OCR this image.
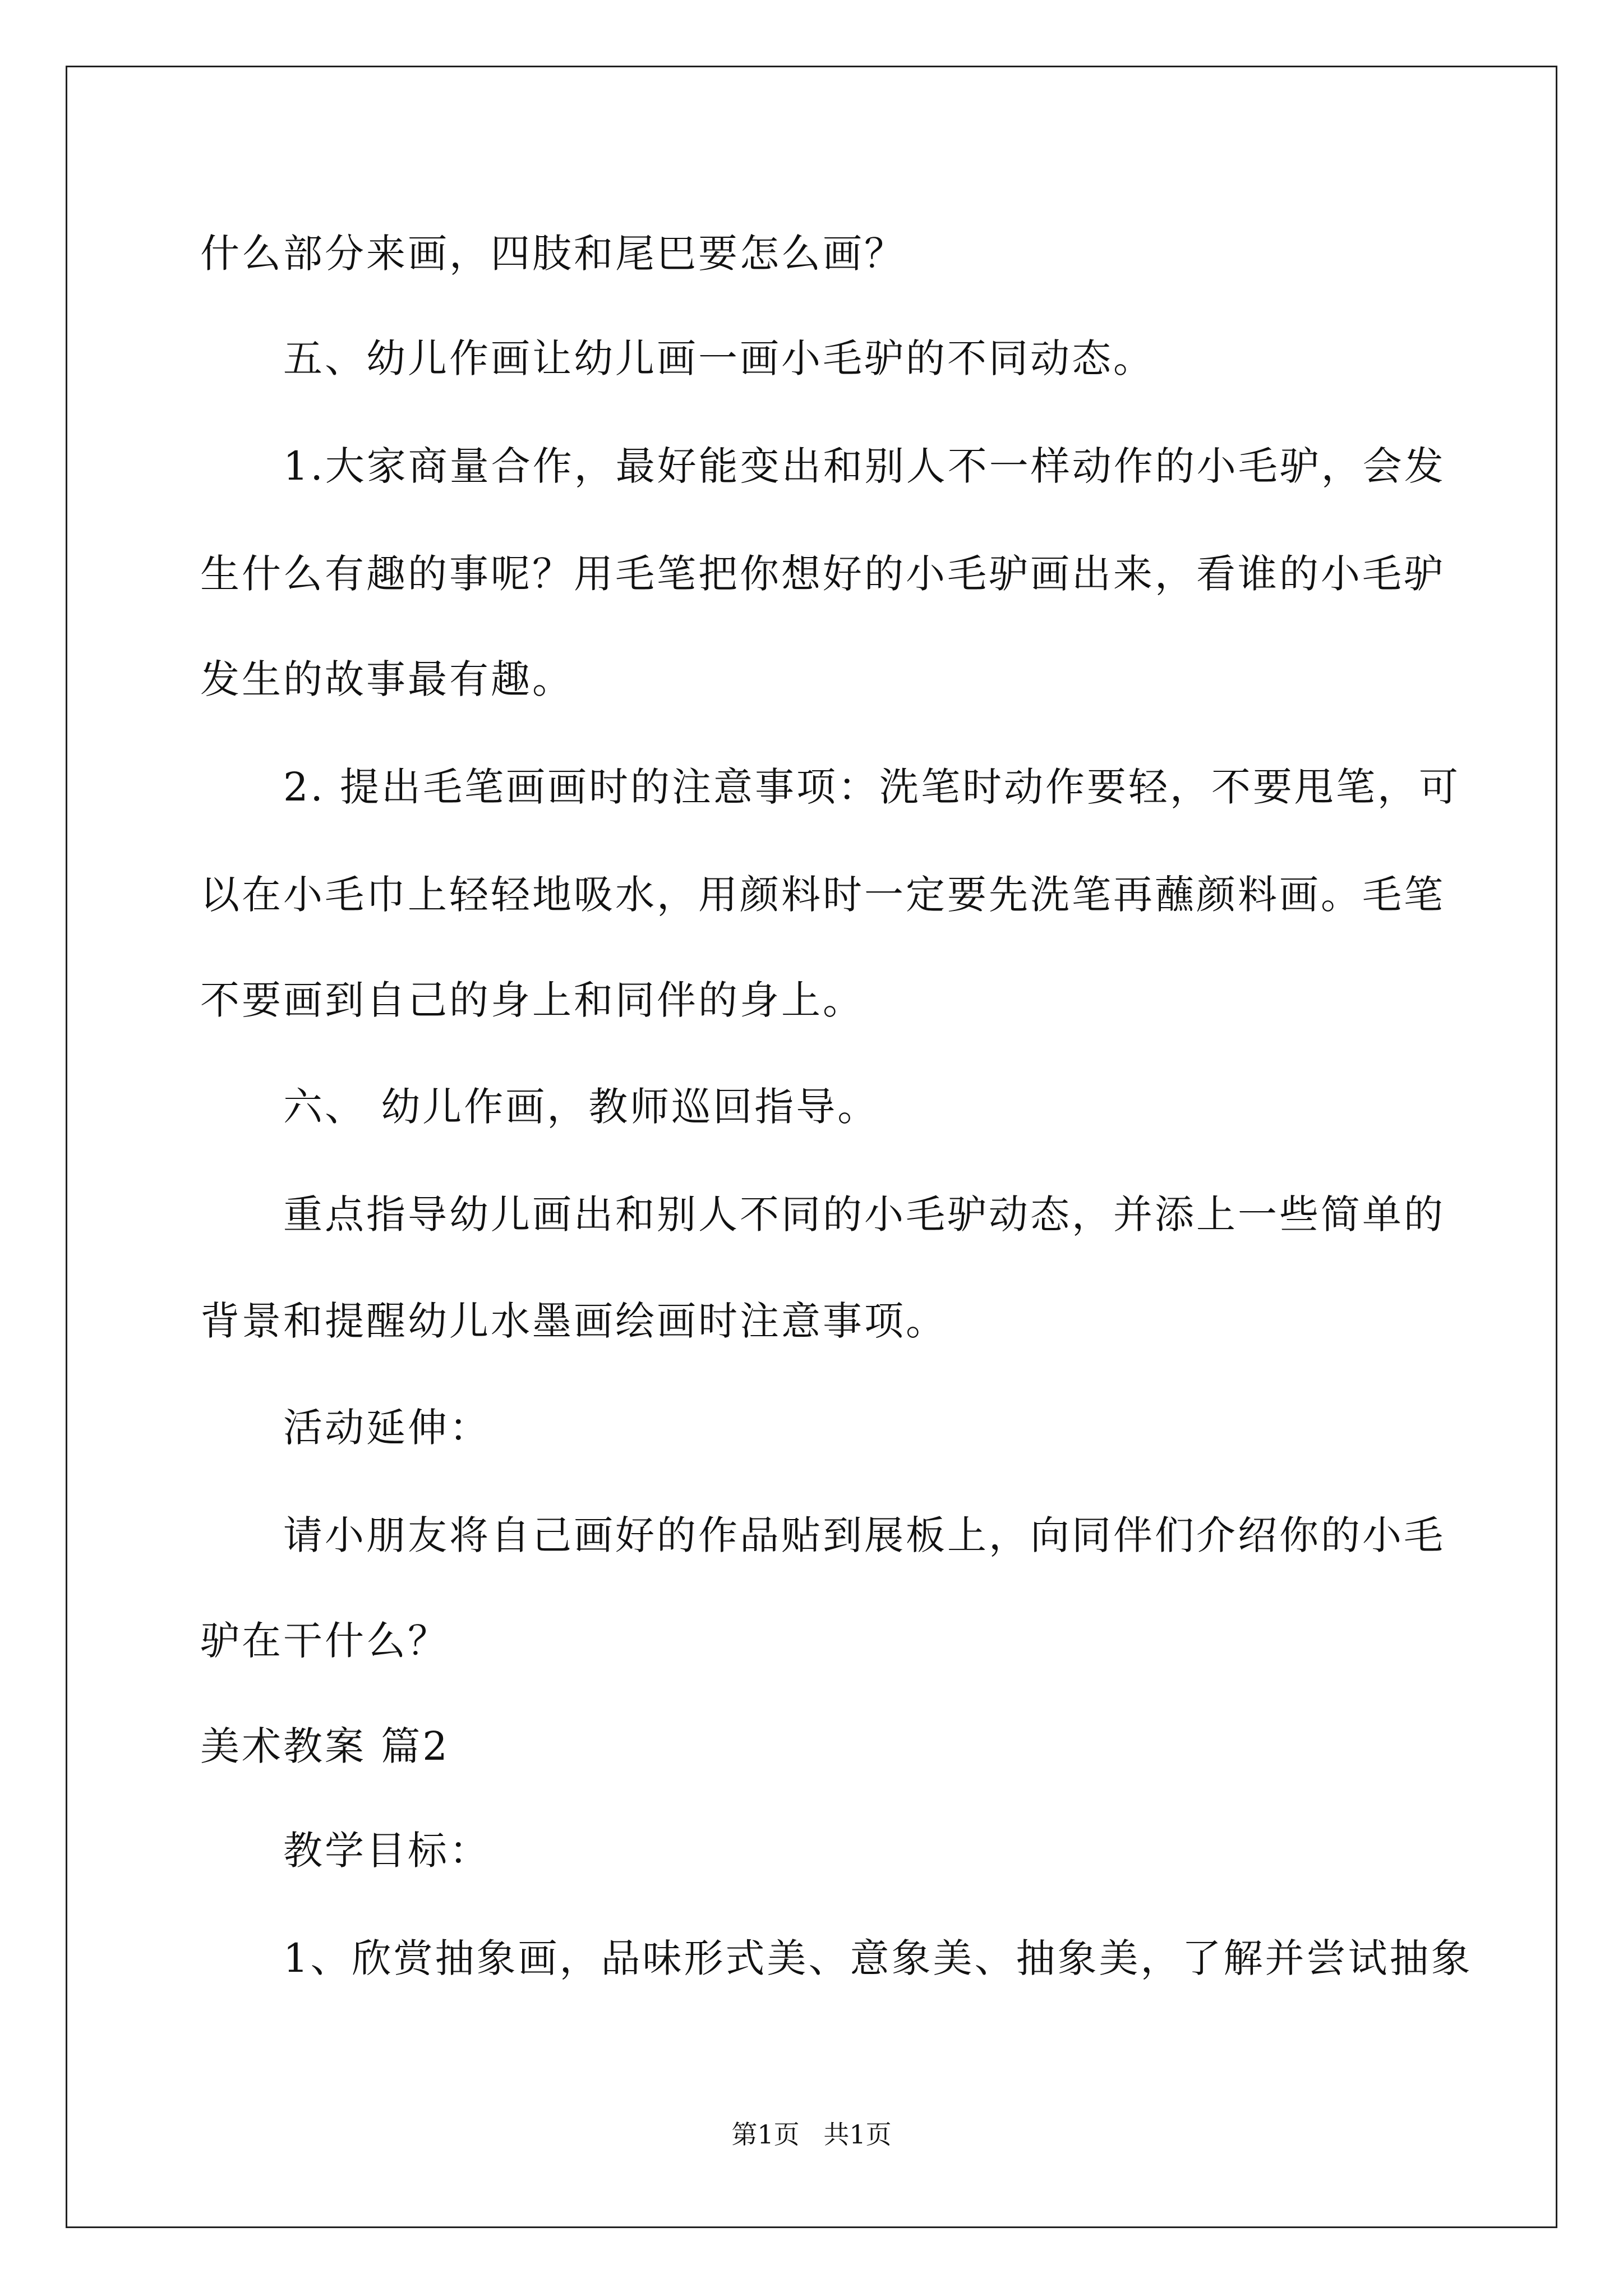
什么部分来画，四肢和尾巴要怎么画？
五、幼儿作画让幼儿画一画小毛驴的不同动态。
1.大家商量合作，最好能变出和别人不一样动作的小毛驴，会发
生什么有趣的事呢？用毛笔把你想好的小毛驴画出来，看谁的小毛驴
发生的故事最有趣。
2. 提出毛笔画画时的注意事项：洗笔时动作要轻，不要甩笔，可
以在小毛巾上轻轻地吸水，用颜料时一定要先洗笔再蘸颜料画。毛笔
不要画到自己的身上和同伴的身上。
六、 幼儿作画，教师巡回指导。
重点指导幼儿画出和别人不同的小毛驴动态，并添上一些简单的
背景和提醒幼儿水墨画绘画时注意事项。
活动延伸：
请小朋友将自己画好的作品贴到展板上，向同伴们介绍你的小毛
驴在干什么？
美术教案 篇2
教学目标：
1、欣赏抽象画，品味形式美、意象美、抽象美，了解并尝试抽象
第1页 共1页
